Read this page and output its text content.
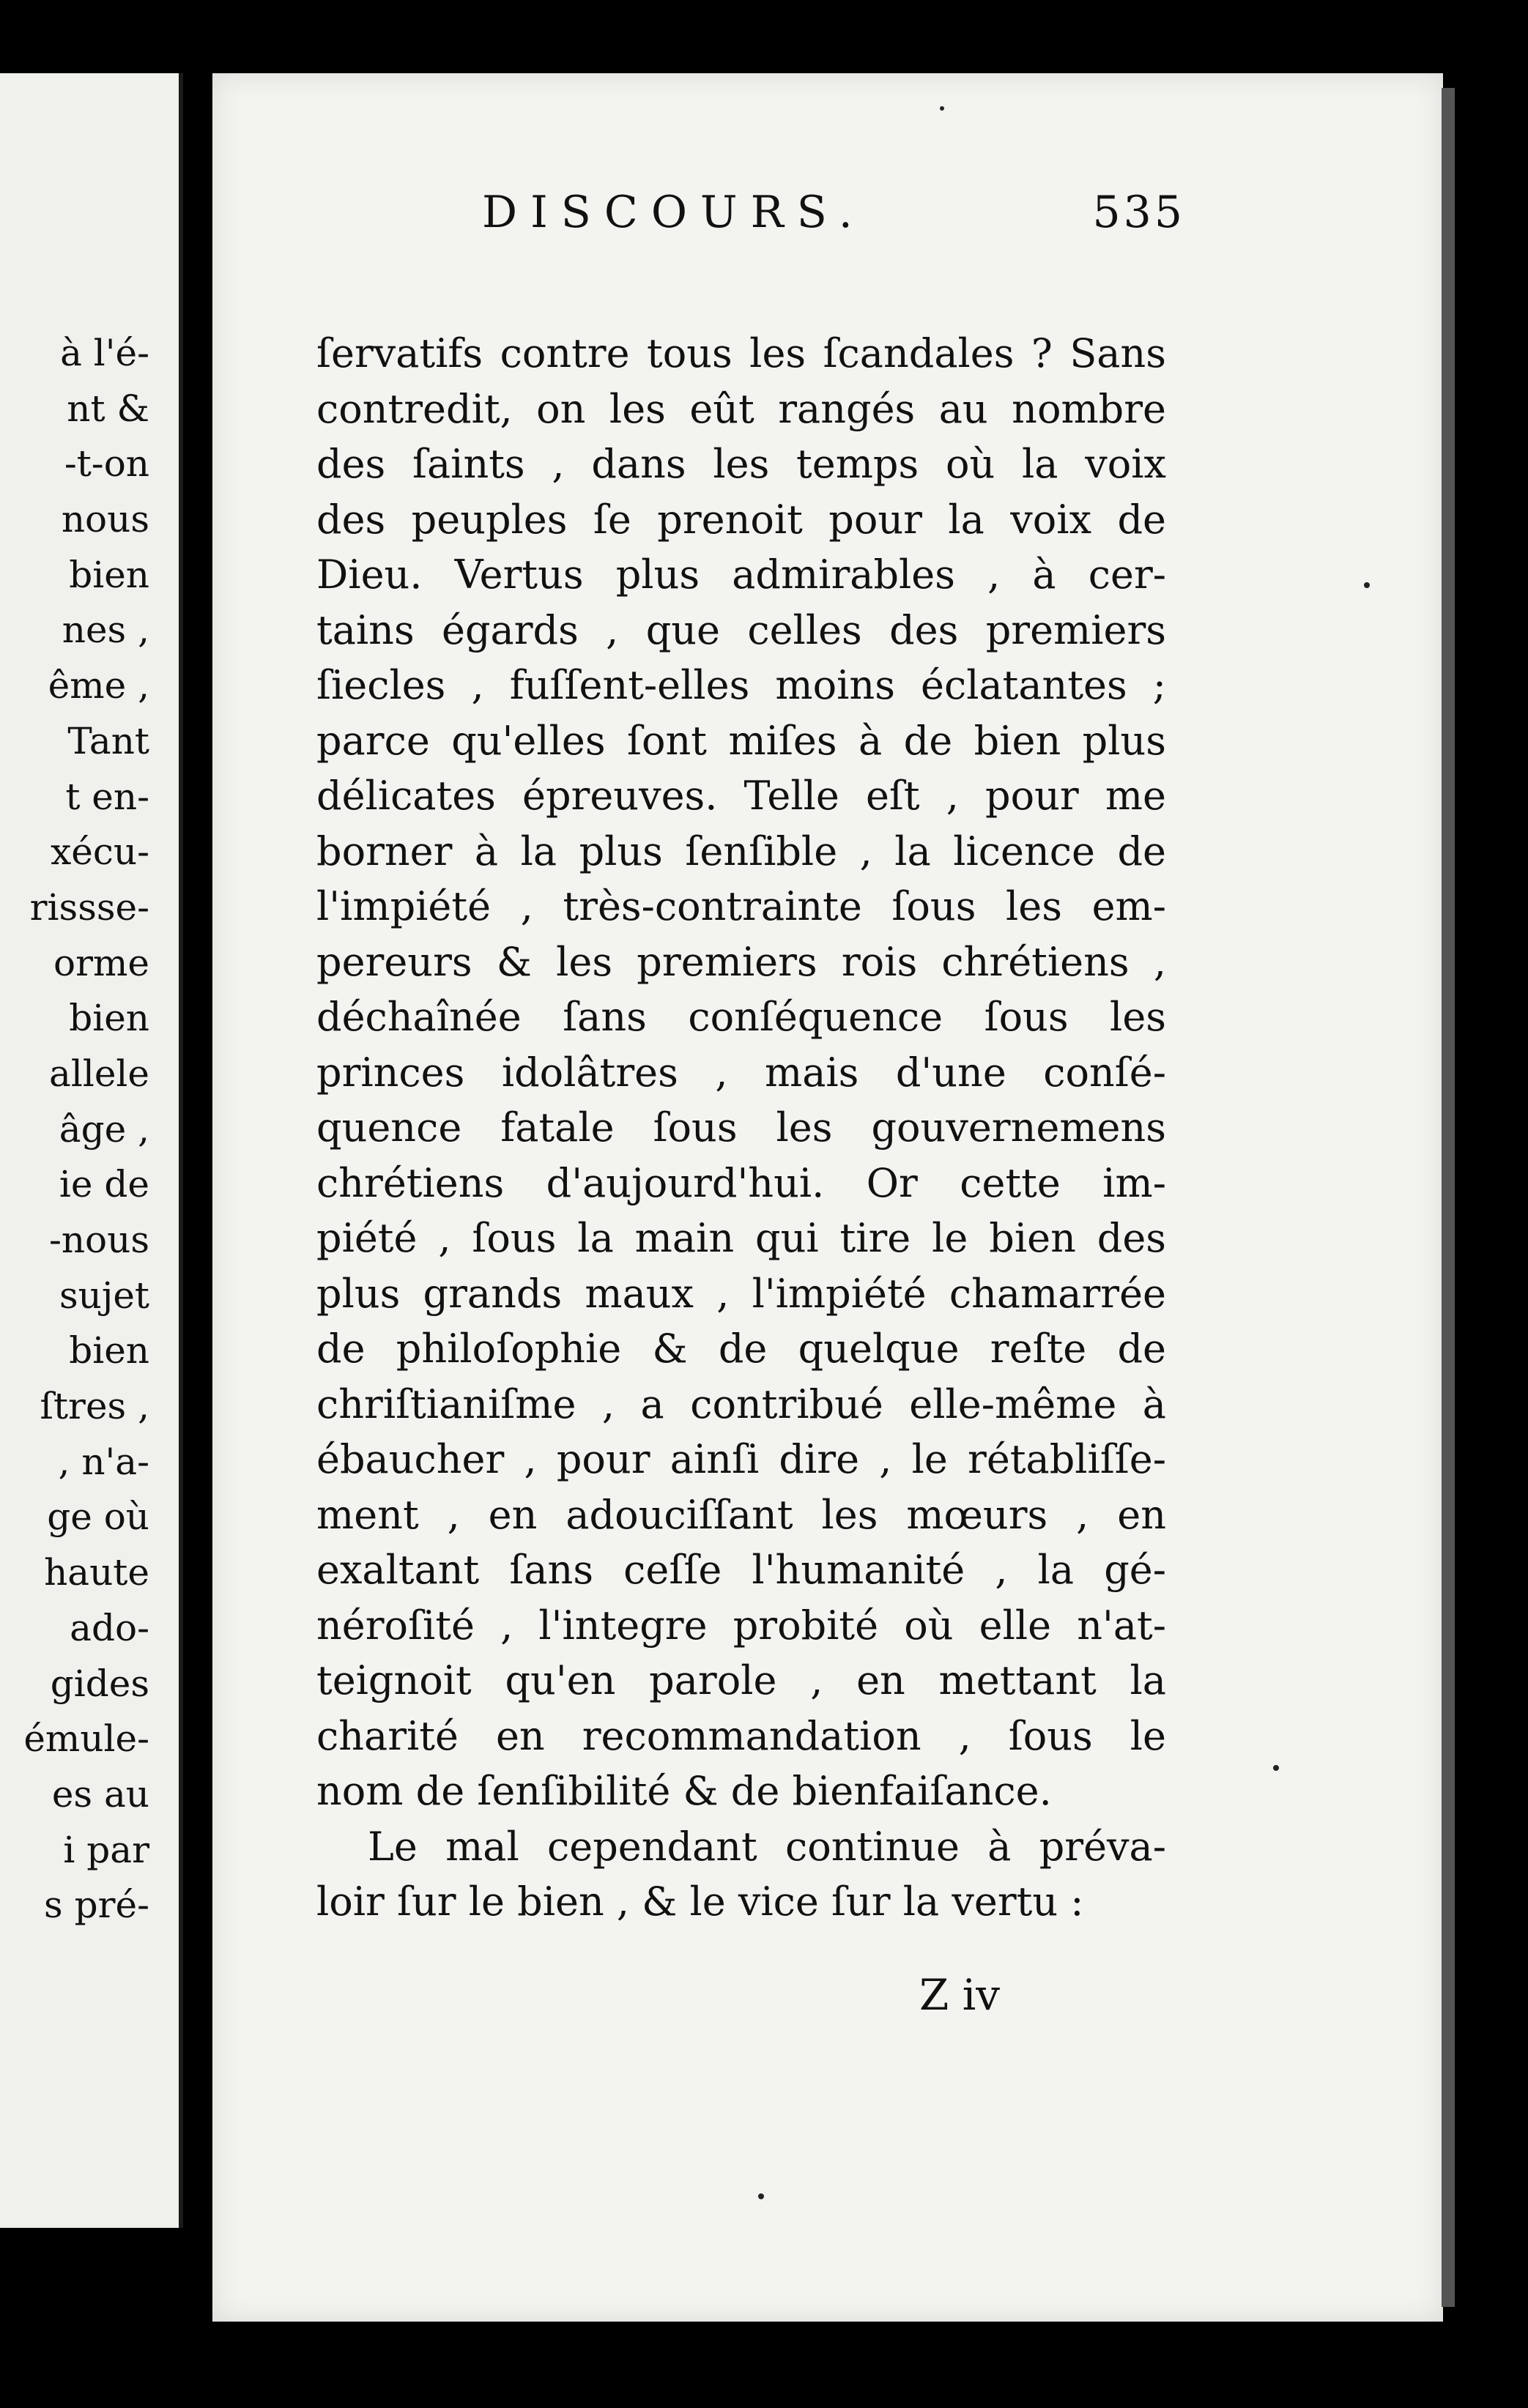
à l'é-
nt &
-t-on
nous
bien
nes ,
ême ,
Tant
t en-
xécu-
rissse-
orme
bien
allele
âge ,
ie de
-nous
sujet
bien
ſtres ,
, n'a-
ge où
haute
ado-
gides
émule-
es au
i par
s pré-
DISCOURS.	535
ſervatifs contre tous les ſcandales ? Sans
contredit, on les eût rangés au nombre
des ſaints , dans les temps où la voix
des peuples ſe prenoit pour la voix de
Dieu. Vertus plus admirables , à cer-
tains égards , que celles des premiers
ſiecles , fuſſent-elles moins éclatantes ;
parce qu'elles ſont miſes à de bien plus
délicates épreuves. Telle eſt , pour me
borner à la plus ſenſible , la licence de
l'impiété , très-contrainte ſous les em-
pereurs & les premiers rois chrétiens ,
déchaînée ſans conſéquence ſous les
princes idolâtres , mais d'une conſé-
quence fatale ſous les gouvernemens
chrétiens d'aujourd'hui. Or cette im-
piété , ſous la main qui tire le bien des
plus grands maux , l'impiété chamarrée
de philoſophie & de quelque reſte de
chriſtianiſme , a contribué elle-même à
ébaucher , pour ainſi dire , le rétabliſſe-
ment , en adouciſſant les mœurs , en
exaltant ſans ceſſe l'humanité , la gé-
néroſité , l'integre probité où elle n'at-
teignoit qu'en parole , en mettant la
charité en recommandation , ſous le
nom de ſenſibilité & de bienfaiſance.
Le mal cependant continue à préva-
loir ſur le bien , & le vice ſur la vertu :
Z iv
